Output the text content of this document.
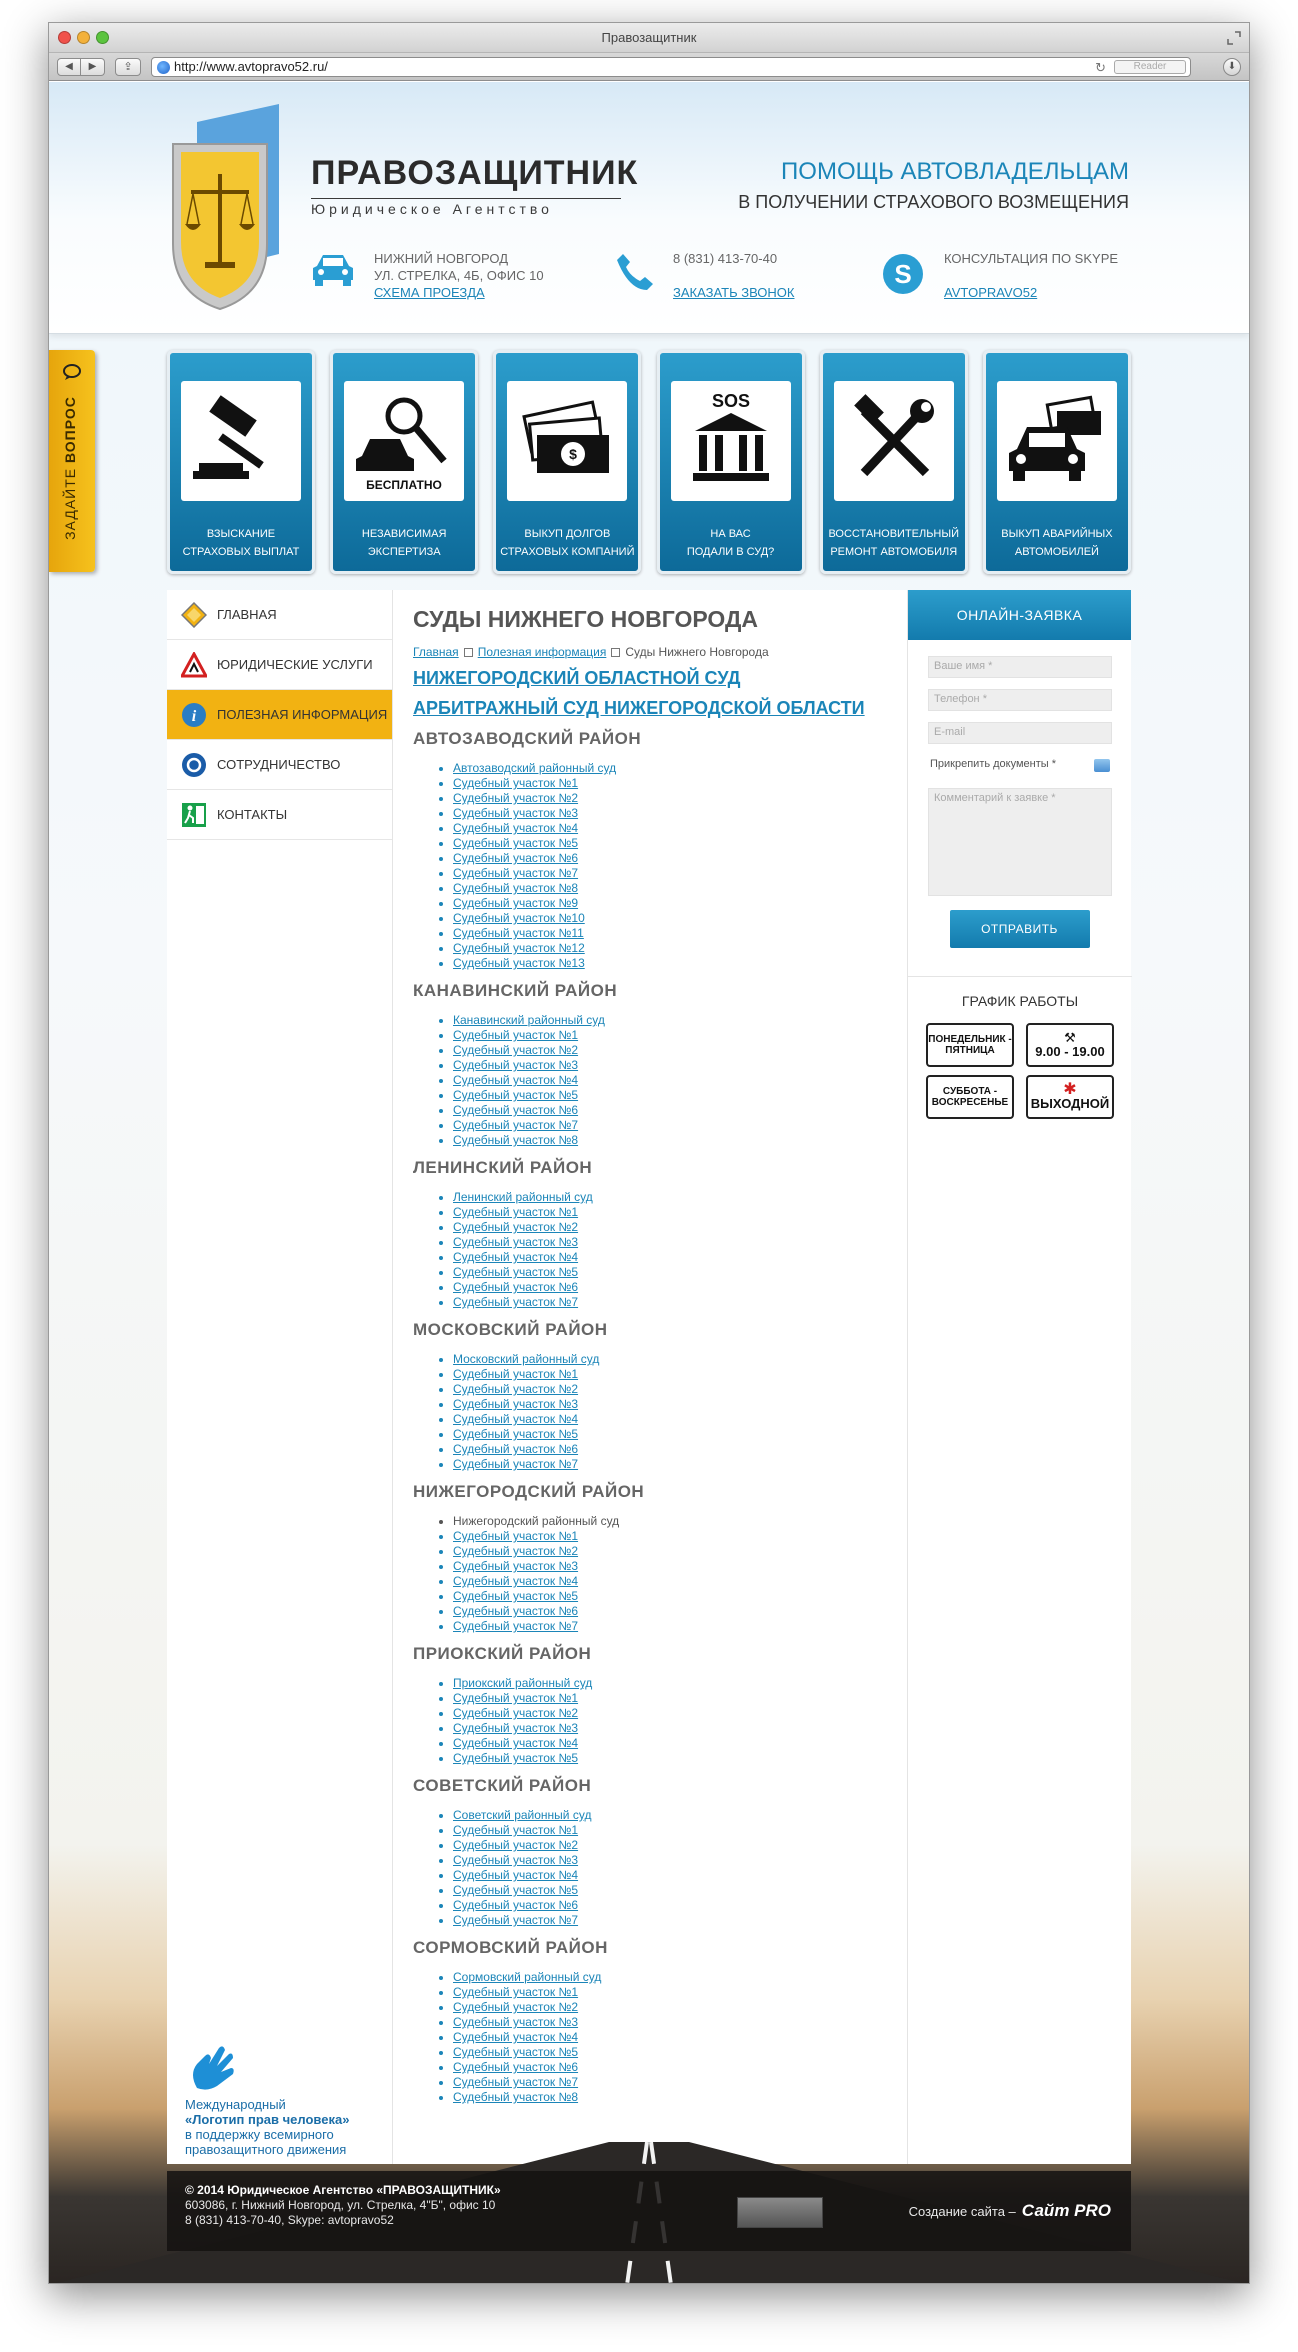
Правозащитник
◀	▶	⇪	http://www.avtopravo52.ru/	↻	Reader	⬇
ПРАВОЗАЩИТНИК
Юридическое Агентство
ПОМОЩЬ АВТОВЛАДЕЛЬЦАМ
В ПОЛУЧЕНИИ СТРАХОВОГО ВОЗМЕЩЕНИЯ
НИЖНИЙ НОВГОРОД
УЛ. СТРЕЛКА, 4Б, ОФИС 10
СХЕМА ПРОЕЗДА
8 (831) 413-70-40
ЗАКАЗАТЬ ЗВОНОК
S
КОНСУЛЬТАЦИЯ ПО SKYPE
AVTOPRAVO52
ЗАДАЙТЕ ВОПРОС
ВЗЫСКАНИЕ
СТРАХОВЫХ ВЫПЛАТ
БЕСПЛАТНО
НЕЗАВИСИМАЯ
ЭКСПЕРТИЗА
$
ВЫКУП ДОЛГОВ
СТРАХОВЫХ КОМПАНИЙ
SOS
НА ВАС
ПОДАЛИ В СУД?
ВОССТАНОВИТЕЛЬНЫЙ
РЕМОНТ АВТОМОБИЛЯ
ВЫКУП АВАРИЙНЫХ
АВТОМОБИЛЕЙ
ГЛАВНАЯ
ЮРИДИЧЕСКИЕ УСЛУГИ
i ПОЛЕЗНАЯ ИНФОРМАЦИЯ
СОТРУДНИЧЕСТВО
КОНТАКТЫ
Международный
«Логотип прав человека»
в поддержку всемирного
правозащитного движения
СУДЫ НИЖНЕГО НОВГОРОДА
Главная Полезная информация Суды Нижнего Новгорода
НИЖЕГОРОДСКИЙ ОБЛАСТНОЙ СУД
АРБИТРАЖНЫЙ СУД НИЖЕГОРОДСКОЙ ОБЛАСТИ
АВТОЗАВОДСКИЙ РАЙОН
• Автозаводский районный суд
• Судебный участок №1
• Судебный участок №2
• Судебный участок №3
• Судебный участок №4
• Судебный участок №5
• Судебный участок №6
• Судебный участок №7
• Судебный участок №8
• Судебный участок №9
• Судебный участок №10
• Судебный участок №11
• Судебный участок №12
• Судебный участок №13
КАНАВИНСКИЙ РАЙОН
• Канавинский районный суд
• Судебный участок №1
• Судебный участок №2
• Судебный участок №3
• Судебный участок №4
• Судебный участок №5
• Судебный участок №6
• Судебный участок №7
• Судебный участок №8
ЛЕНИНСКИЙ РАЙОН
• Ленинский районный суд
• Судебный участок №1
• Судебный участок №2
• Судебный участок №3
• Судебный участок №4
• Судебный участок №5
• Судебный участок №6
• Судебный участок №7
МОСКОВСКИЙ РАЙОН
• Московский районный суд
• Судебный участок №1
• Судебный участок №2
• Судебный участок №3
• Судебный участок №4
• Судебный участок №5
• Судебный участок №6
• Судебный участок №7
НИЖЕГОРОДСКИЙ РАЙОН
• Нижегородский районный суд
• Судебный участок №1
• Судебный участок №2
• Судебный участок №3
• Судебный участок №4
• Судебный участок №5
• Судебный участок №6
• Судебный участок №7
ПРИОКСКИЙ РАЙОН
• Приокский районный суд
• Судебный участок №1
• Судебный участок №2
• Судебный участок №3
• Судебный участок №4
• Судебный участок №5
СОВЕТСКИЙ РАЙОН
• Советский районный суд
• Судебный участок №1
• Судебный участок №2
• Судебный участок №3
• Судебный участок №4
• Судебный участок №5
• Судебный участок №6
• Судебный участок №7
СОРМОВСКИЙ РАЙОН
• Сормовский районный суд
• Судебный участок №1
• Судебный участок №2
• Судебный участок №3
• Судебный участок №4
• Судебный участок №5
• Судебный участок №6
• Судебный участок №7
• Судебный участок №8
ОНЛАЙН-ЗАЯВКА
Ваше имя *
Телефон *
E-mail
Прикрепить документы *
Комментарий к заявке *
ОТПРАВИТЬ
ГРАФИК РАБОТЫ
ПОНЕДЕЛЬНИК - ПЯТНИЦА
⚒
9.00 - 19.00
СУББОТА - ВОСКРЕСЕНЬЕ
✱
ВЫХОДНОЙ
© 2014 Юридическое Агентство «ПРАВОЗАЩИТНИК»
603086, г. Нижний Новгород, ул. Стрелка, 4"Б", офис 10
8 (831) 413-70-40, Skype: avtopravo52
Создание сайта – Сайт PRO
